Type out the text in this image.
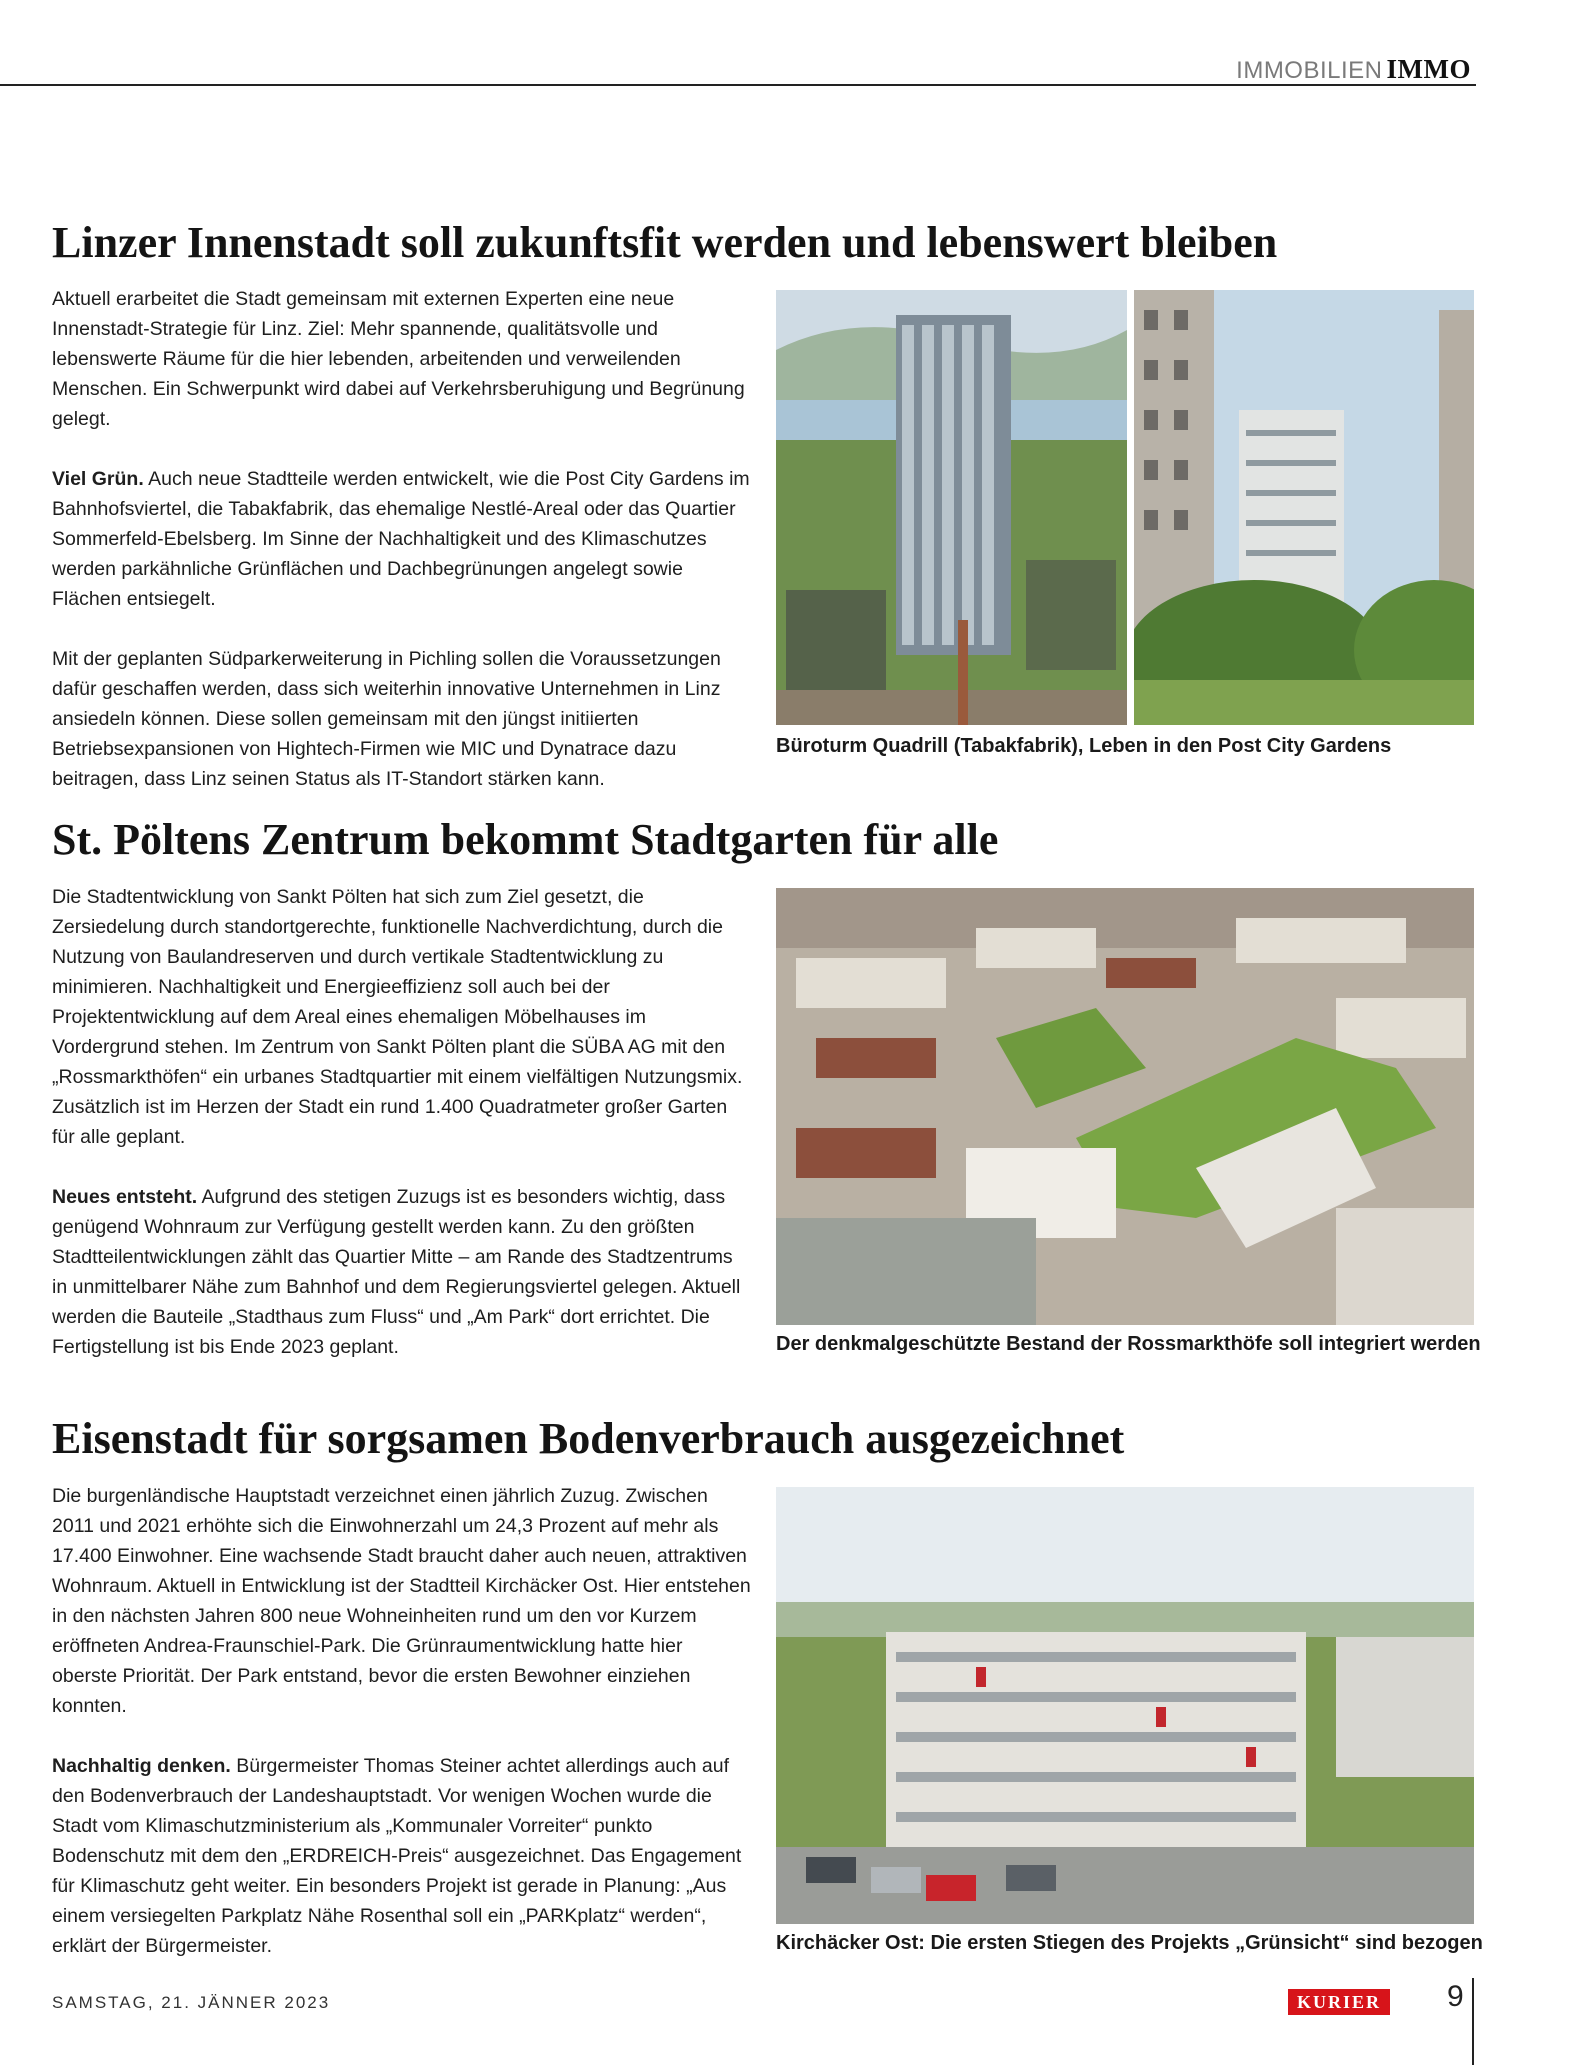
IMMOBILIEN IMMO
Linzer Innenstadt soll zukunftsfit werden und lebenswert bleiben

Aktuell erarbeitet die Stadt gemeinsam mit externen Experten eine neue Innenstadt-Strategie für Linz. Ziel: Mehr spannende, qualitätsvolle und lebenswerte Räume für die hier lebenden, arbeitenden und verweilenden Menschen. Ein Schwerpunkt wird dabei auf Verkehrsberuhigung und Begrünung gelegt.

Viel Grün. Auch neue Stadtteile werden entwickelt, wie die Post City Gardens im Bahnhofsviertel, die Tabakfabrik, das ehemalige Nestlé-Areal oder das Quartier Sommerfeld-Ebelsberg. Im Sinne der Nachhaltigkeit und des Klimaschutzes werden parkähnliche Grünflächen und Dachbegrünungen angelegt sowie Flächen entsiegelt.

Mit der geplanten Südparkerweiterung in Pichling sollen die Voraussetzungen dafür geschaffen werden, dass sich weiterhin innovative Unternehmen in Linz ansiedeln können. Diese sollen gemeinsam mit den jüngst initiierten Betriebsexpansionen von Hightech-Firmen wie MIC und Dynatrace dazu beitragen, dass Linz seinen Status als IT-Standort stärken kann.

Büroturm Quadrill (Tabakfabrik), Leben in den Post City Gardens
St. Pöltens Zentrum bekommt Stadtgarten für alle

Die Stadtentwicklung von Sankt Pölten hat sich zum Ziel gesetzt, die Zersiedelung durch standortgerechte, funktionelle Nachverdichtung, durch die Nutzung von Baulandreserven und durch vertikale Stadtentwicklung zu minimieren. Nachhaltigkeit und Energieeffizienz soll auch bei der Projektentwicklung auf dem Areal eines ehemaligen Möbelhauses im Vordergrund stehen. Im Zentrum von Sankt Pölten plant die SÜBA AG mit den „Rossmarkthöfen“ ein urbanes Stadtquartier mit einem vielfältigen Nutzungsmix. Zusätzlich ist im Herzen der Stadt ein rund 1.400 Quadratmeter großer Garten für alle geplant.

Neues entsteht. Aufgrund des stetigen Zuzugs ist es besonders wichtig, dass genügend Wohnraum zur Verfügung gestellt werden kann. Zu den größten Stadtteilentwicklungen zählt das Quartier Mitte – am Rande des Stadtzentrums in unmittelbarer Nähe zum Bahnhof und dem Regierungsviertel gelegen. Aktuell werden die Bauteile „Stadthaus zum Fluss“ und „Am Park“ dort errichtet. Die Fertigstellung ist bis Ende 2023 geplant.	Der denkmalgeschützte Bestand der Rossmarkthöfe soll integriert werden
Eisenstadt für sorgsamen Bodenverbrauch ausgezeichnet

Die burgenländische Hauptstadt verzeichnet einen jährlich Zuzug. Zwischen 2011 und 2021 erhöhte sich die Einwohnerzahl um 24,3 Prozent auf mehr als 17.400 Einwohner. Eine wachsende Stadt braucht daher auch neuen, attraktiven Wohnraum. Aktuell in Entwicklung ist der Stadtteil Kirchäcker Ost. Hier entstehen in den nächsten Jahren 800 neue Wohneinheiten rund um den vor Kurzem eröffneten Andrea-Fraunschiel-Park. Die Grünraumentwicklung hatte hier oberste Priorität. Der Park entstand, bevor die ersten Bewohner einziehen konnten.

Nachhaltig denken. Bürgermeister Thomas Steiner achtet allerdings auch auf den Bodenverbrauch der Landeshauptstadt. Vor wenigen Wochen wurde die Stadt vom Klimaschutzministerium als „Kommunaler Vorreiter“ punkto Bodenschutz mit dem den „ERDREICH-Preis“ ausgezeichnet. Das Engagement für Klimaschutz geht weiter. Ein besonders Projekt ist gerade in Planung: „Aus einem versiegelten Parkplatz Nähe Rosenthal soll ein „PARKplatz“ werden“, erklärt der Bürgermeister.	Kirchäcker Ost: Die ersten Stiegen des Projekts „Grünsicht“ sind bezogen
SAMSTAG, 21. JÄNNER 2023	KURIER	9
